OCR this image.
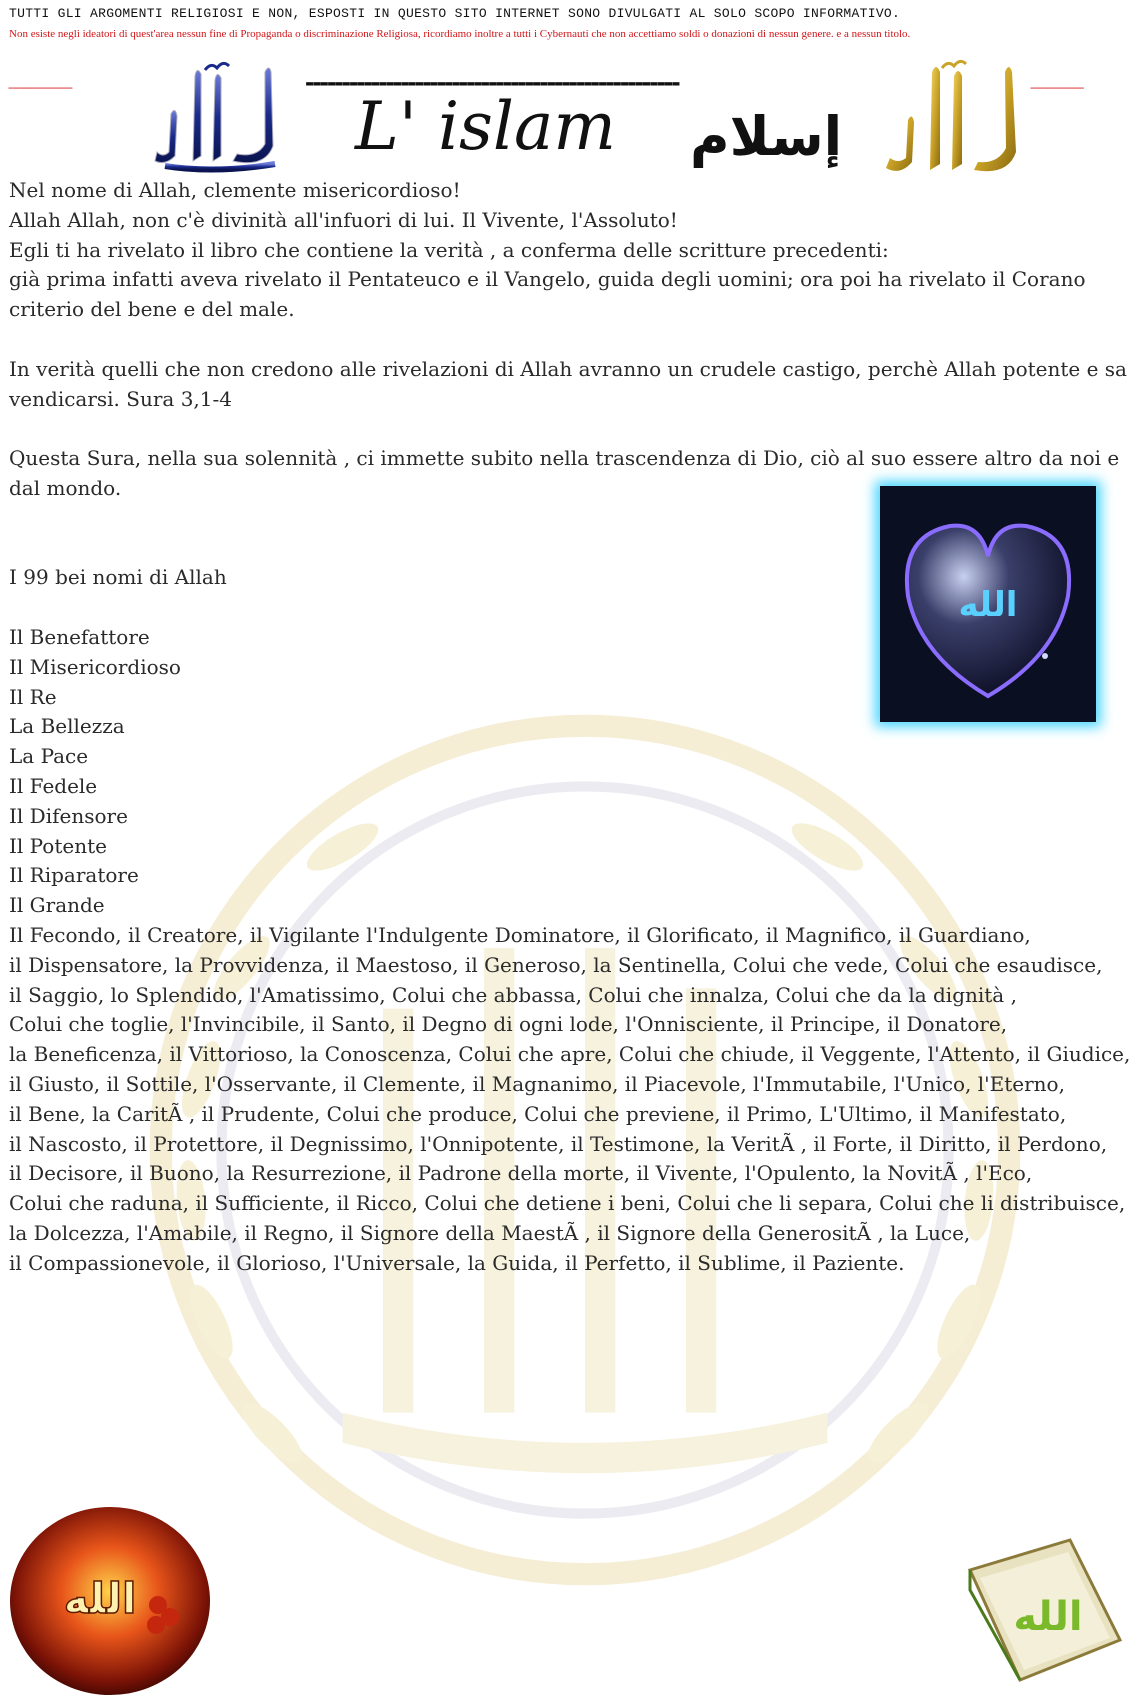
TUTTI GLI ARGOMENTI RELIGIOSI E NON, ESPOSTI IN QUESTO SITO INTERNET SONO DIVULGATI AL SOLO SCOPO INFORMATIVO.
Non esiste negli ideatori di quest'area nessun fine di Propaganda o discriminazione Religiosa, ricordiamo inoltre a tutti i Cybernauti che non accettiamo soldi o donazioni di nessun genere. e a nessun titolo.
------------------------	---------------------------------------------------	--------------------
L' islam إسلام

Nel nome di Allah, clemente misericordioso!

Allah Allah, non c'è divinità all'infuori di lui. Il Vivente, l'Assoluto!

Egli ti ha rivelato il libro che contiene la verità , a conferma delle scritture precedenti:

già prima infatti aveva rivelato il Pentateuco e il Vangelo, guida degli uomini; ora poi ha rivelato il Corano

criterio del bene e del male.

In verità quelli che non credono alle rivelazioni di Allah avranno un crudele castigo, perchè Allah potente e sa

vendicarsi. Sura 3,1-4

Questa Sura, nella sua solennità , ci immette subito nella trascendenza di Dio, ciò al suo essere altro da noi e

dal mondo.

I 99 bei nomi di Allah

Il Benefattore

Il Misericordioso

Il Re

La Bellezza

La Pace

Il Fedele

Il Difensore

Il Potente

Il Riparatore

Il Grande

Il Fecondo, il Creatore, il Vigilante l'Indulgente Dominatore, il Glorificato, il Magnifico, il Guardiano,

il Dispensatore, la Provvidenza, il Maestoso, il Generoso, la Sentinella, Colui che vede, Colui che esaudisce,

il Saggio, lo Splendido, l'Amatissimo, Colui che abbassa, Colui che innalza, Colui che da la dignità ,

Colui che toglie, l'Invincibile, il Santo, il Degno di ogni lode, l'Onnisciente, il Principe, il Donatore,

la Beneficenza, il Vittorioso, la Conoscenza, Colui che apre, Colui che chiude, il Veggente, l'Attento, il Giudice,

il Giusto, il Sottile, l'Osservante, il Clemente, il Magnanimo, il Piacevole, l'Immutabile, l'Unico, l'Eterno,

il Bene, la CaritÃ , il Prudente, Colui che produce, Colui che previene, il Primo, L'Ultimo, il Manifestato,

il Nascosto, il Protettore, il Degnissimo, l'Onnipotente, il Testimone, la VeritÃ , il Forte, il Diritto, il Perdono,

il Decisore, il Buono, la Resurrezione, il Padrone della morte, il Vivente, l'Opulento, la NovitÃ , l'Eco,

Colui che raduna, il Sufficiente, il Ricco, Colui che detiene i beni, Colui che li separa, Colui che li distribuisce,

la Dolcezza, l'Amabile, il Regno, il Signore della MaestÃ , il Signore della GenerositÃ , la Luce,

il Compassionevole, il Glorioso, l'Universale, la Guida, il Perfetto, il Sublime, il Paziente.

الله
الله	الله
